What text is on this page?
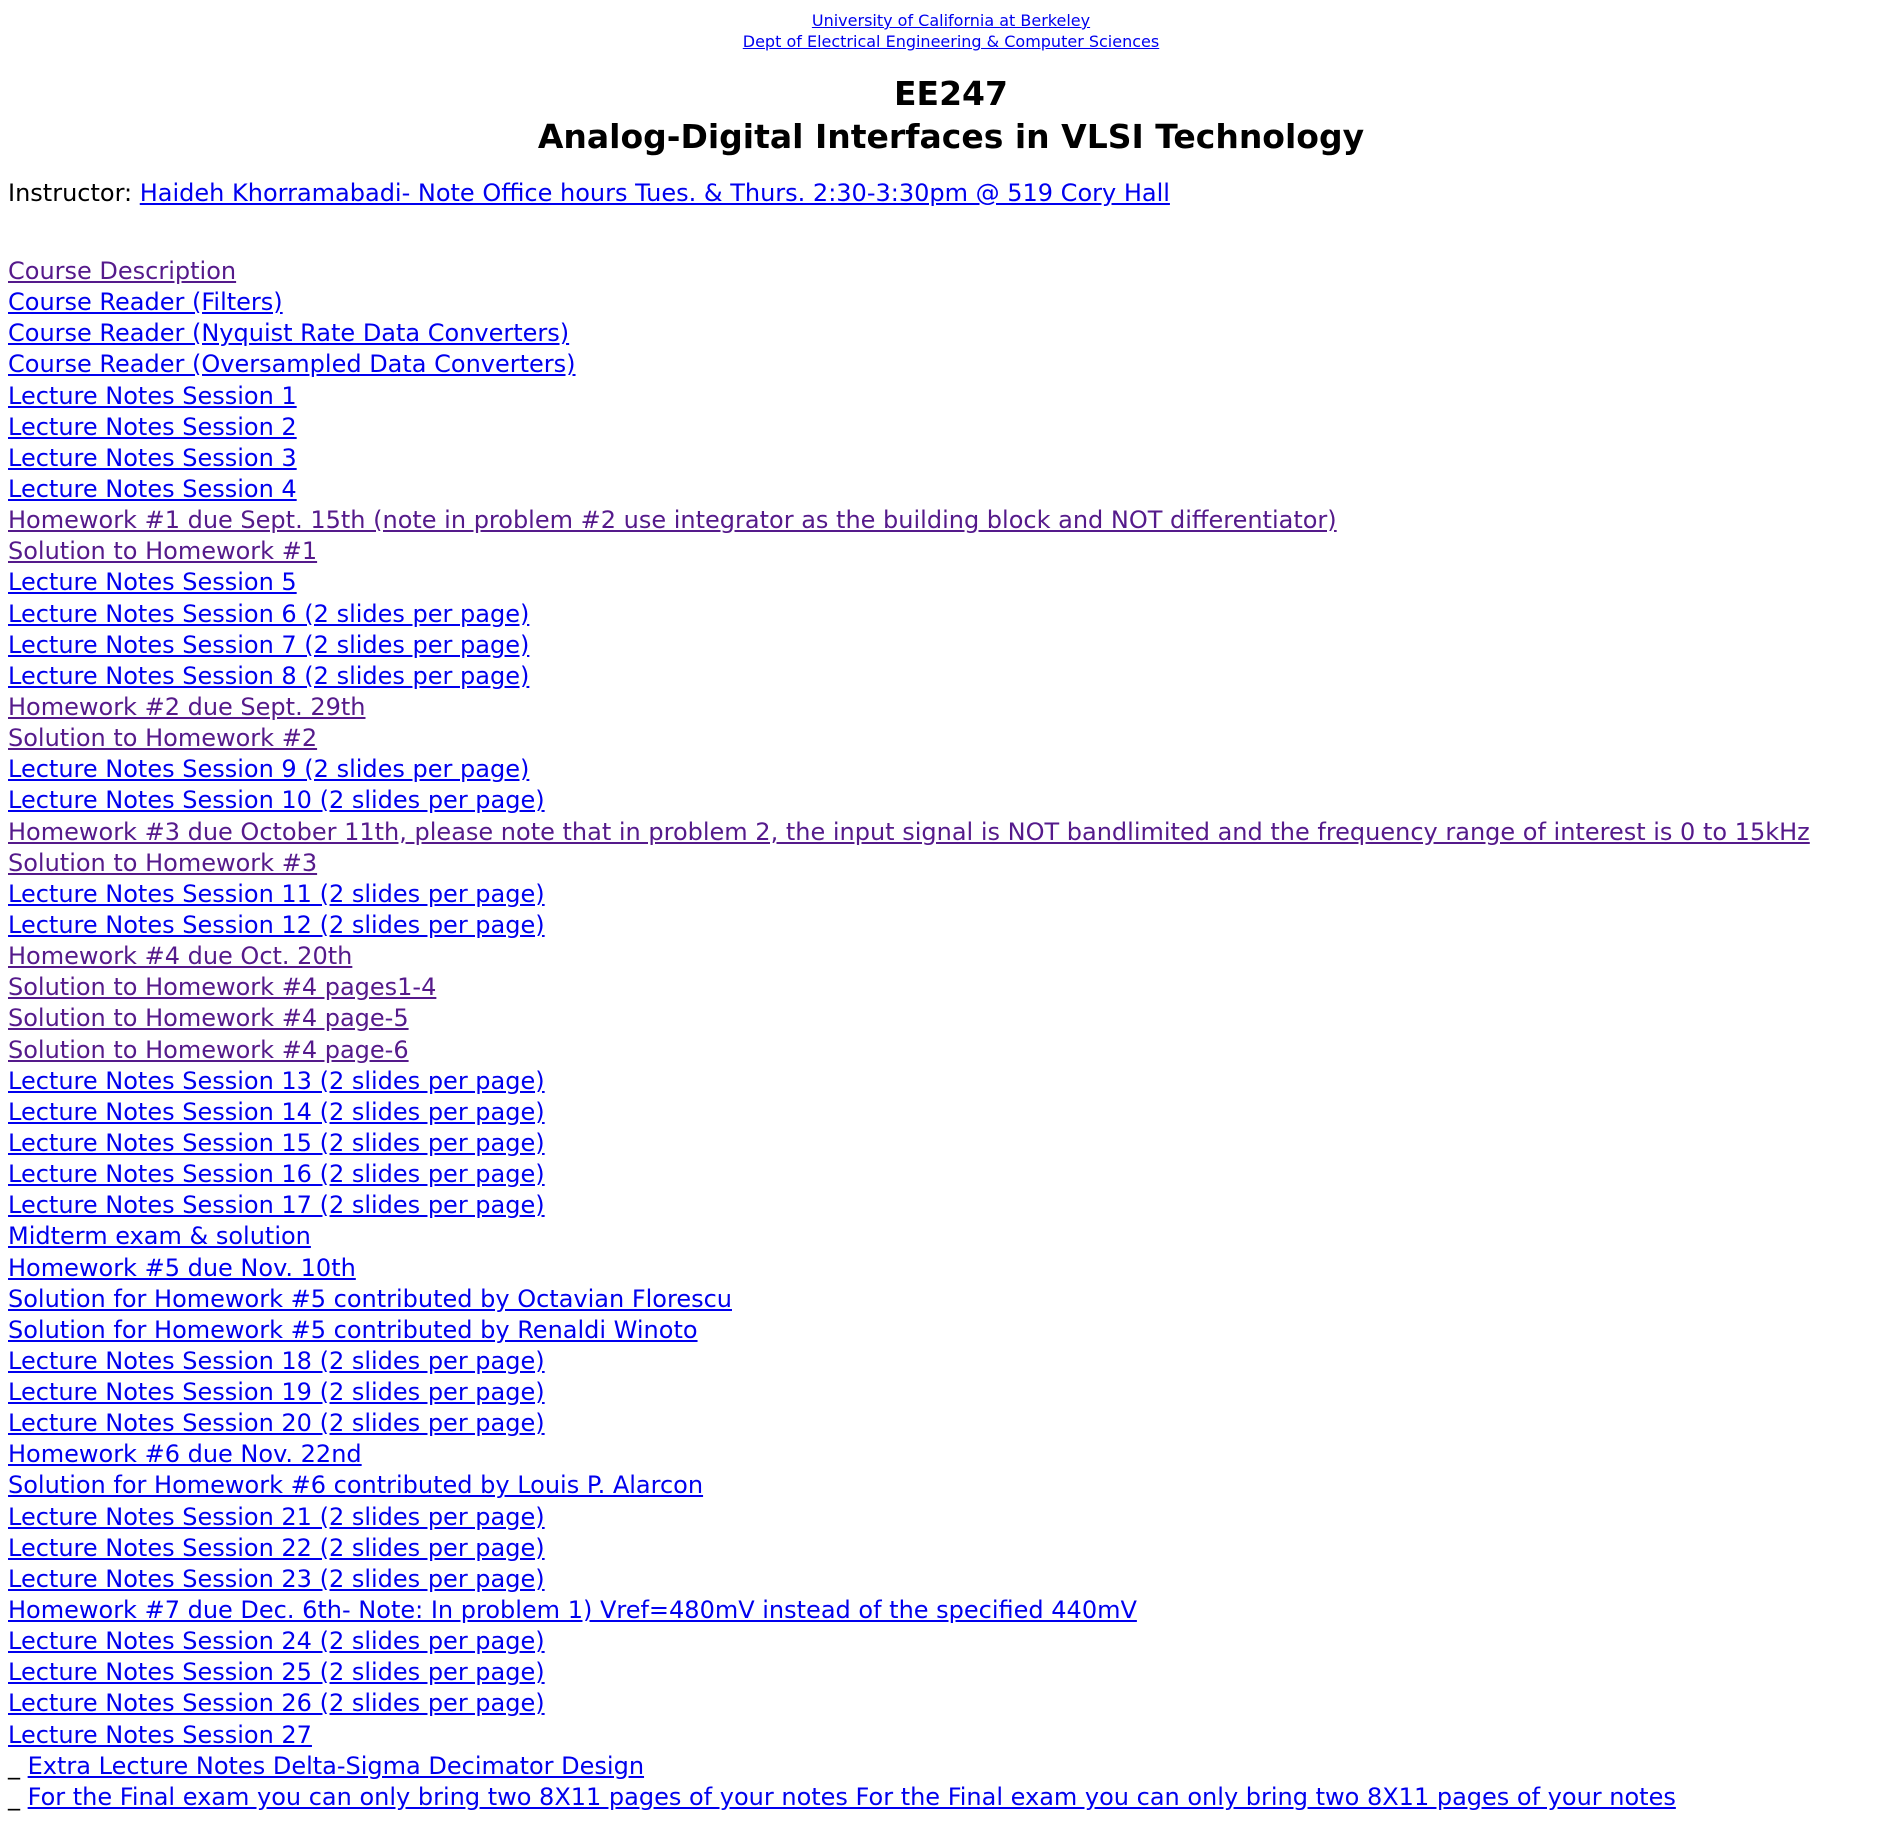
University of California at Berkeley
Dept of Electrical Engineering & Computer Sciences
EE247
Analog-Digital Interfaces in VLSI Technology
Instructor: Haideh Khorramabadi- Note Office hours Tues. & Thurs. 2:30-3:30pm @ 519 Cory Hall
Course Description
Course Reader (Filters)
Course Reader (Nyquist Rate Data Converters)
Course Reader (Oversampled Data Converters)
Lecture Notes Session 1
Lecture Notes Session 2
Lecture Notes Session 3
Lecture Notes Session 4
Homework #1 due Sept. 15th (note in problem #2 use integrator as the building block and NOT differentiator)
Solution to Homework #1
Lecture Notes Session 5
Lecture Notes Session 6 (2 slides per page)
Lecture Notes Session 7 (2 slides per page)
Lecture Notes Session 8 (2 slides per page)
Homework #2 due Sept. 29th
Solution to Homework #2
Lecture Notes Session 9 (2 slides per page)
Lecture Notes Session 10 (2 slides per page)
Homework #3 due October 11th, please note that in problem 2, the input signal is NOT bandlimited and the frequency range of interest is 0 to 15kHz
Solution to Homework #3
Lecture Notes Session 11 (2 slides per page)
Lecture Notes Session 12 (2 slides per page)
Homework #4 due Oct. 20th
Solution to Homework #4 pages1-4
Solution to Homework #4 page-5
Solution to Homework #4 page-6
Lecture Notes Session 13 (2 slides per page)
Lecture Notes Session 14 (2 slides per page)
Lecture Notes Session 15 (2 slides per page)
Lecture Notes Session 16 (2 slides per page)
Lecture Notes Session 17 (2 slides per page)
Midterm exam & solution
Homework #5 due Nov. 10th
Solution for Homework #5 contributed by Octavian Florescu
Solution for Homework #5 contributed by Renaldi Winoto
Lecture Notes Session 18 (2 slides per page)
Lecture Notes Session 19 (2 slides per page)
Lecture Notes Session 20 (2 slides per page)
Homework #6 due Nov. 22nd
Solution for Homework #6 contributed by Louis P. Alarcon
Lecture Notes Session 21 (2 slides per page)
Lecture Notes Session 22 (2 slides per page)
Lecture Notes Session 23 (2 slides per page)
Homework #7 due Dec. 6th- Note: In problem 1) Vref=480mV instead of the specified 440mV
Lecture Notes Session 24 (2 slides per page)
Lecture Notes Session 25 (2 slides per page)
Lecture Notes Session 26 (2 slides per page)
Lecture Notes Session 27
_ Extra Lecture Notes Delta-Sigma Decimator Design
_ For the Final exam you can only bring two 8X11 pages of your notes For the Final exam you can only bring two 8X11 pages of your notes
